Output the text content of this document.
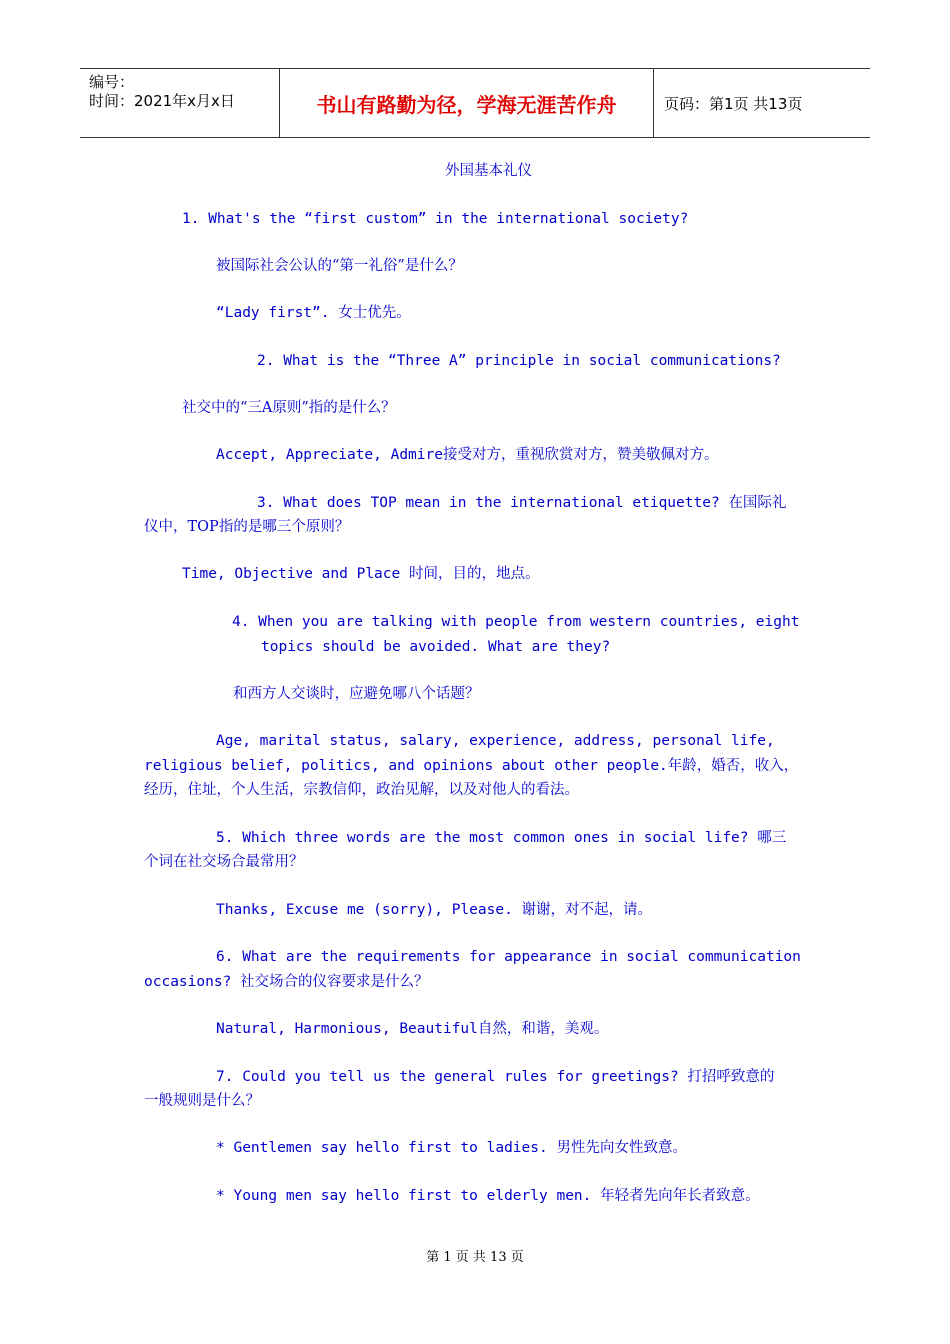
编号：
时间：2021年x月x日	书山有路勤为径，学海无涯苦作舟	页码：第1页 共13页
外国基本礼仪
1. What's the “first custom” in the international society?
被国际社会公认的“第一礼俗”是什么？
“Lady first”. 女士优先。
2. What is the “Three A” principle in social communications?
社交中的“三A原则”指的是什么？
Accept, Appreciate, Admire接受对方，重视欣赏对方，赞美敬佩对方。
3. What does TOP mean in the international etiquette? 在国际礼
仪中，TOP指的是哪三个原则？
Time, Objective and Place 时间，目的，地点。
4. When you are talking with people from western countries, eight
topics should be avoided. What are they?
和西方人交谈时，应避免哪八个话题？
Age, marital status, salary, experience, address, personal life,
religious belief, politics, and opinions about other people.年龄，婚否，收入，
经历，住址，个人生活，宗教信仰，政治见解，以及对他人的看法。
5. Which three words are the most common ones in social life? 哪三
个词在社交场合最常用？
Thanks, Excuse me (sorry), Please. 谢谢，对不起，请。
6. What are the requirements for appearance in social communication
occasions? 社交场合的仪容要求是什么？
Natural, Harmonious, Beautiful自然，和谐，美观。
7. Could you tell us the general rules for greetings? 打招呼致意的
一般规则是什么？
* Gentlemen say hello first to ladies. 男性先向女性致意。
* Young men say hello first to elderly men. 年轻者先向年长者致意。
第 1 页 共 13 页
